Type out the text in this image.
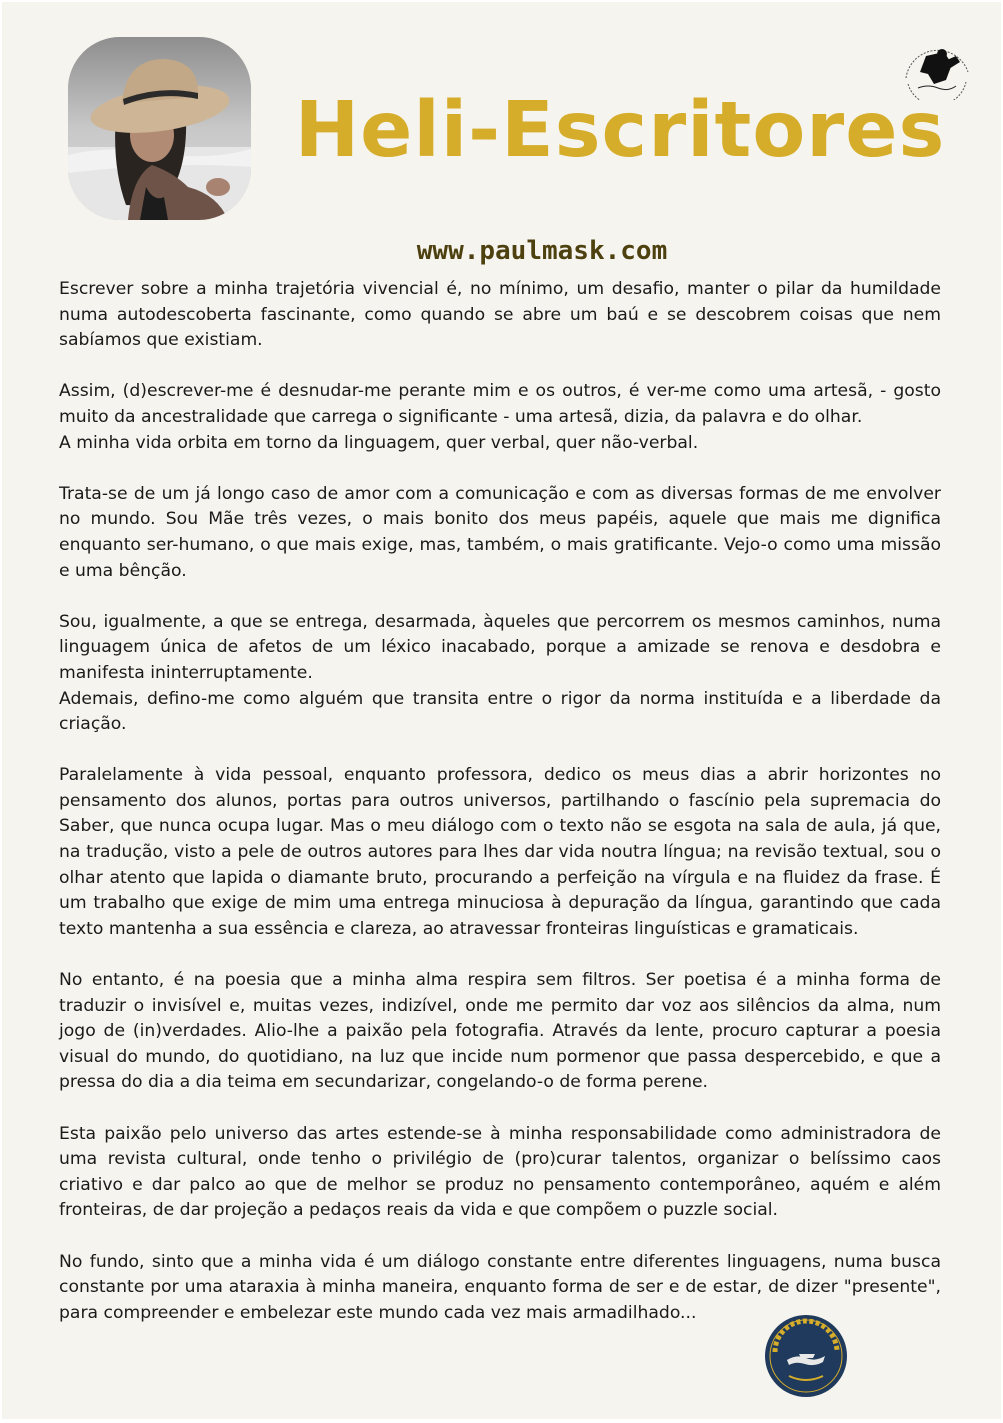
Heli-Escritores
www.paulmask.com

Escrever sobre a minha trajetória vivencial é, no mínimo, um desafio, manter o pilar da humildade numa autodescoberta fascinante, como quando se abre um baú e se descobrem coisas que nem sabíamos que existiam.

Assim, (d)escrever-me é desnudar-me perante mim e os outros, é ver-me como uma artesã, - gosto muito da ancestralidade que carrega o significante - uma artesã, dizia, da palavra e do olhar.
A minha vida orbita em torno da linguagem, quer verbal, quer não-verbal.

Trata-se de um já longo caso de amor com a comunicação e com as diversas formas de me envolver no mundo. Sou Mãe três vezes, o mais bonito dos meus papéis, aquele que mais me dignifica enquanto ser-humano, o que mais exige, mas, também, o mais gratificante. Vejo-o como uma missão e uma bênção.

Sou, igualmente, a que se entrega, desarmada, àqueles que percorrem os mesmos caminhos, numa linguagem única de afetos de um léxico inacabado, porque a amizade se renova e desdobra e manifesta ininterruptamente.
Ademais, defino-me como alguém que transita entre o rigor da norma instituída e a liberdade da criação.

Paralelamente à vida pessoal, enquanto professora, dedico os meus dias a abrir horizontes no pensamento dos alunos, portas para outros universos, partilhando o fascínio pela supremacia do Saber, que nunca ocupa lugar. Mas o meu diálogo com o texto não se esgota na sala de aula, já que, na tradução, visto a pele de outros autores para lhes dar vida noutra língua; na revisão textual, sou o olhar atento que lapida o diamante bruto, procurando a perfeição na vírgula e na fluidez da frase. É um trabalho que exige de mim uma entrega minuciosa à depuração da língua, garantindo que cada texto mantenha a sua essência e clareza, ao atravessar fronteiras linguísticas e gramaticais.

No entanto, é na poesia que a minha alma respira sem filtros. Ser poetisa é a minha forma de traduzir o invisível e, muitas vezes, indizível, onde me permito dar voz aos silêncios da alma, num jogo de (in)verdades. Alio-lhe a paixão pela fotografia. Através da lente, procuro capturar a poesia visual do mundo, do quotidiano, na luz que incide num pormenor que passa despercebido, e que a pressa do dia a dia teima em secundarizar, congelando-o de forma perene.

Esta paixão pelo universo das artes estende-se à minha responsabilidade como administradora de uma revista cultural, onde tenho o privilégio de (pro)curar talentos, organizar o belíssimo caos criativo e dar palco ao que de melhor se produz no pensamento contemporâneo, aquém e além fronteiras, de dar projeção a pedaços reais da vida e que compõem o puzzle social.

No fundo, sinto que a minha vida é um diálogo constante entre diferentes linguagens, numa busca constante por uma ataraxia à minha maneira, enquanto forma de ser e de estar, de dizer "presente", para compreender e embelezar este mundo cada vez mais armadilhado...
